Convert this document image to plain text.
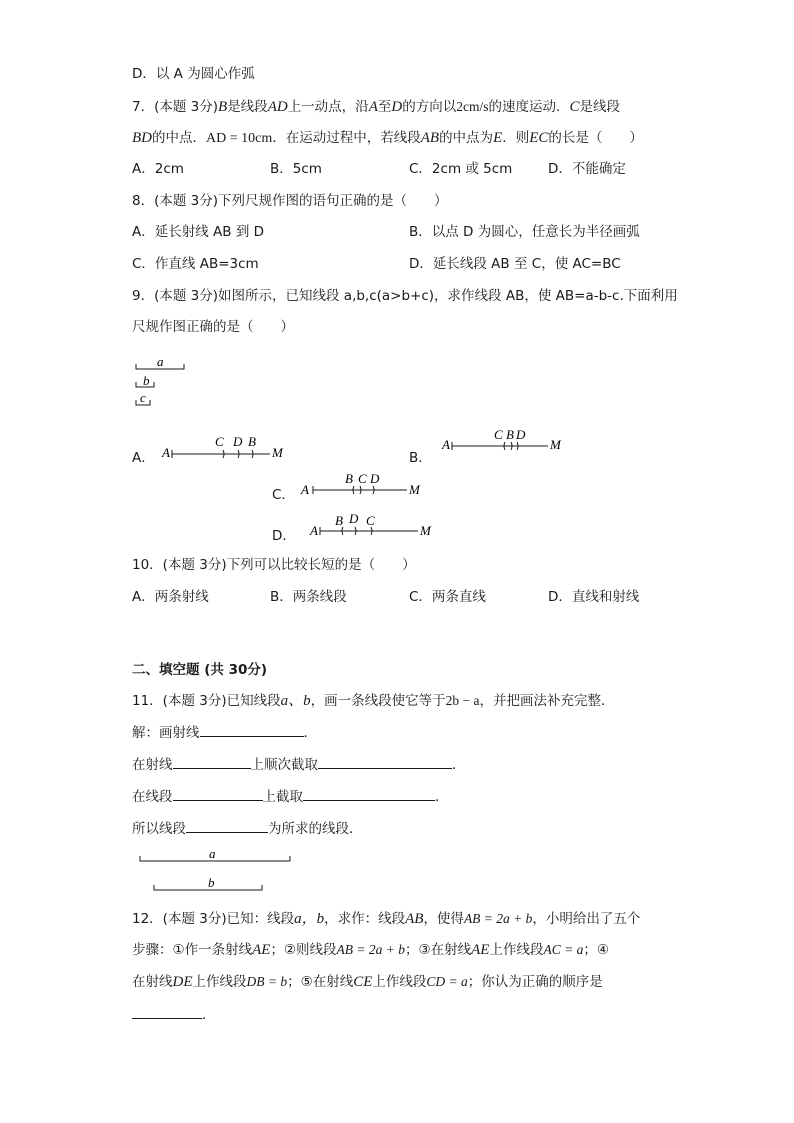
D．以 A 为圆心作弧
7．(本题 3分)B是线段AD上一动点，沿A至D的方向以2cm/s的速度运动．C是线段
BD的中点．AD = 10cm．在运动过程中，若线段AB的中点为E．则EC的长是（　　）
A．2cm	B．5cm	C．2cm 或 5cm	D．不能确定
8．(本题 3分)下列尺规作图的语句正确的是（　　）
A．延长射线 AB 到 D	B．以点 D 为圆心，任意长为半径画弧
C．作直线 AB=3cm	D．延长线段 AB 至 C，使 AC=BC
9．(本题 3分)如图所示，已知线段 a,b,c(a>b+c)，求作线段 AB，使 AB=a-b-c.下面利用
尺规作图正确的是（　　）
a
b
c
A． A
C D B
M	B．
A
C B D
M
C． A
B C D
M
D． A
B D C
M
10．(本题 3分)下列可以比较长短的是（　　）
A．两条射线	B．两条线段	C．两条直线	D．直线和射线
二、填空题 (共 30分)
11．(本题 3分)已知线段a、b，画一条线段使它等于2b − a，并把画法补充完整．
解：画射线	．
在射线	上顺次截取	．
在线段	上截取	．
所以线段	为所求的线段．
a
b
12．(本题 3分)已知：线段a，b，求作：线段AB，使得AB = 2a + b，小明给出了五个
步骤：①作一条射线AE；②则线段AB = 2a + b；③在射线AE上作线段AC = a；④
在射线DE上作线段DB = b；⑤在射线CE上作线段CD = a；你认为正确的顺序是
．
